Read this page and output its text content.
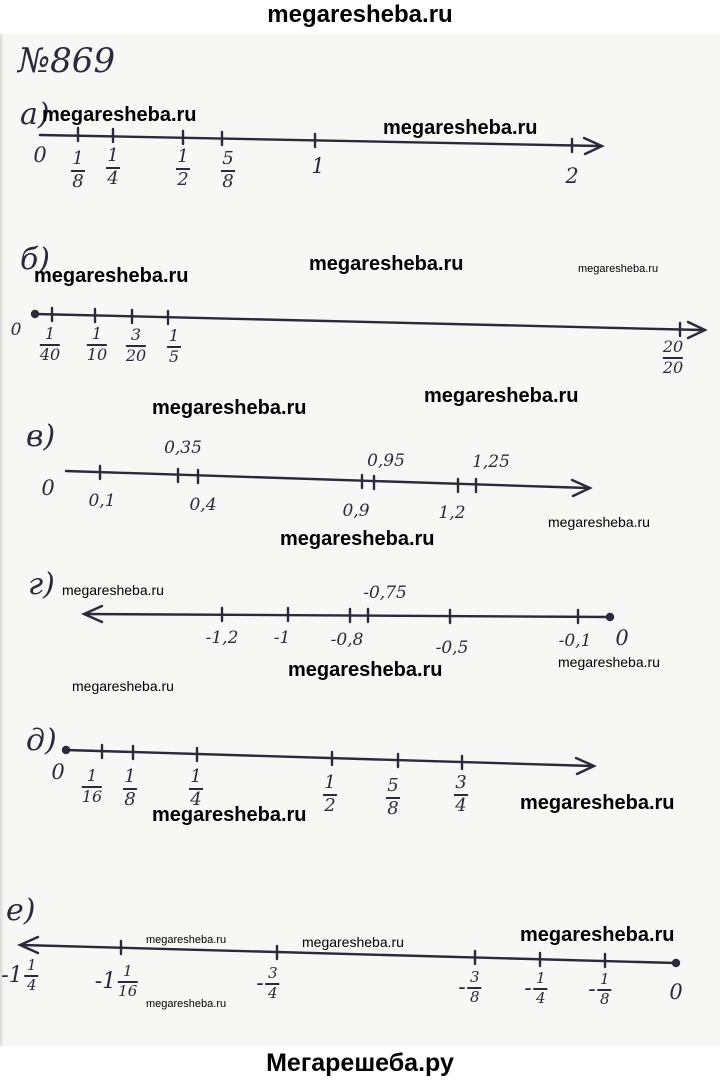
megaresheba.ru
№869
а)
0 1
8
1
4
1
2
5
8
1	2
б)
0 1
40
1
10
3
20
1
5
20
20
в)
0
0,35
0,95	1,25
0,1	0,4	0,9	1,2
г)
0
-0,75
-1,2 -1 -0,8	-0,5	-0,1
д)
0 1
16
1
8
1
4
1
2
5
8
3
4
е)
0
$-1 \frac{1}{4}$	$-1 \frac{1}{16}$	- $\frac{3}{4}$	- $\frac{3}{8} - \frac{1}{4} - \frac{1}{8}$
megaresheba.ru
megaresheba.ru
megaresheba.ru
megaresheba.ru	megaresheba.ru
megaresheba.ru
megaresheba.ru
megaresheba.ru
megaresheba.ru
megaresheba.ru
megaresheba.ru	megaresheba.ru
megaresheba.ru
megaresheba.ru
megaresheba.ru
megaresheba.ru
megaresheba.ru	megaresheba.ru
megaresheba.ru
Мегарешеба.ру
